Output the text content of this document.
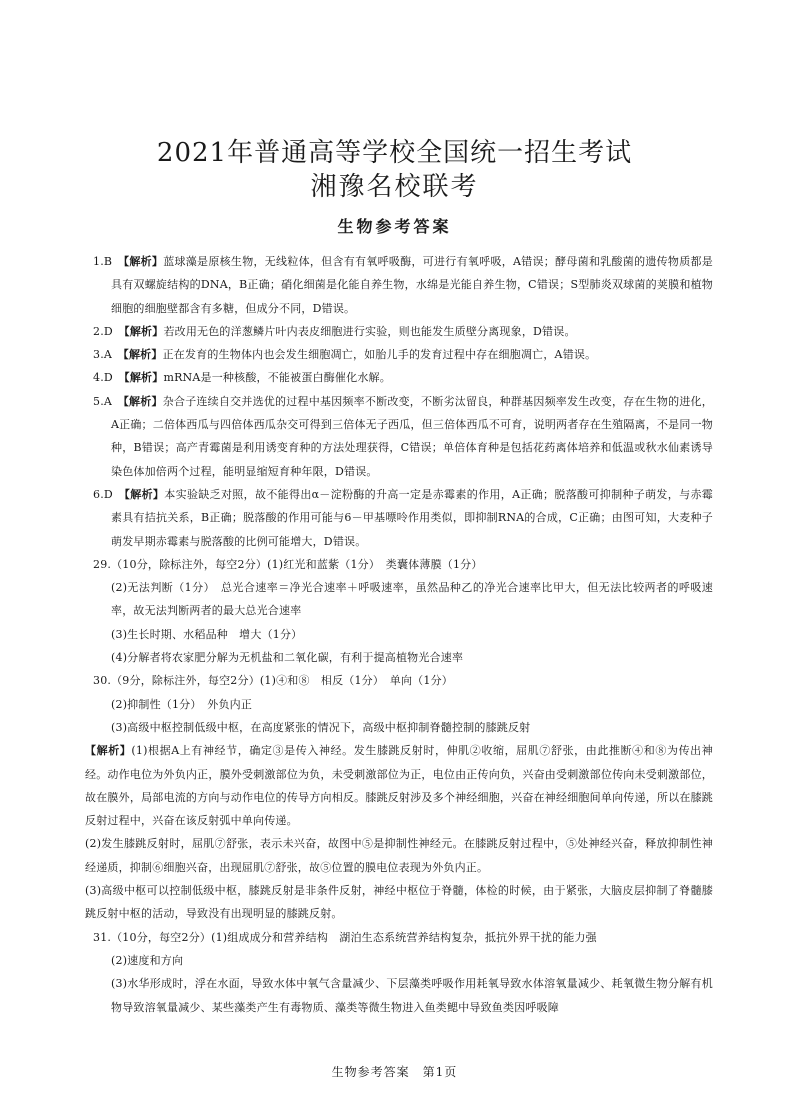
2021年普通高等学校全国统一招生考试
湘豫名校联考
生物参考答案

1.B　 【解析】蓝球藻是原核生物，无线粒体，但含有有氧呼吸酶，可进行有氧呼吸，A错误；酵母菌和乳酸菌的遗传物质都是具有双螺旋结构的DNA，B正确；硝化细菌是化能自养生物，水绵是光能自养生物，C错误；S型肺炎双球菌的荚膜和植物细胞的细胞壁都含有多糖，但成分不同，D错误。

2.D　 【解析】若改用无色的洋葱鳞片叶内表皮细胞进行实验，则也能发生质壁分离现象，D错误。

3.A　 【解析】正在发育的生物体内也会发生细胞凋亡，如胎儿手的发育过程中存在细胞凋亡，A错误。

4.D　 【解析】mRNA是一种核酸，不能被蛋白酶催化水解。

5.A　 【解析】杂合子连续自交并选优的过程中基因频率不断改变，不断劣汰留良，种群基因频率发生改变，存在生物的进化，A正确；二倍体西瓜与四倍体西瓜杂交可得到三倍体无子西瓜，但三倍体西瓜不可育，说明两者存在生殖隔离，不是同一物种，B错误；高产青霉菌是利用诱变育种的方法处理获得，C错误；单倍体育种是包括花药离体培养和低温或秋水仙素诱导染色体加倍两个过程，能明显缩短育种年限，D错误。

6.D　 【解析】本实验缺乏对照，故不能得出α－淀粉酶的升高一定是赤霉素的作用，A正确；脱落酸可抑制种子萌发，与赤霉素具有拮抗关系，B正确；脱落酸的作用可能与6－甲基嘌呤作用类似，即抑制RNA的合成，C正确；由图可知，大麦种子萌发早期赤霉素与脱落酸的比例可能增大，D错误。

29.（10分，除标注外，每空2分）(1)红光和蓝紫（1分）　类囊体薄膜（1分）

(2)无法判断（1分）　总光合速率＝净光合速率＋呼吸速率，虽然品种乙的净光合速率比甲大，但无法比较两者的呼吸速率，故无法判断两者的最大总光合速率

(3)生长时期、水稻品种　增大（1分）

(4)分解者将农家肥分解为无机盐和二氧化碳，有利于提高植物光合速率

30.（9分，除标注外，每空2分）(1)④和⑧　相反（1分）　单向（1分）

(2)抑制性（1分）　外负内正

(3)高级中枢控制低级中枢，在高度紧张的情况下，高级中枢抑制脊髓控制的膝跳反射

【解析】(1)根据A上有神经节，确定③是传入神经。发生膝跳反射时，伸肌②收缩，屈肌⑦舒张，由此推断④和⑧为传出神经。动作电位为外负内正，膜外受刺激部位为负，未受刺激部位为正，电位由正传向负，兴奋由受刺激部位传向未受刺激部位，故在膜外，局部电流的方向与动作电位的传导方向相反。膝跳反射涉及多个神经细胞，兴奋在神经细胞间单向传递，所以在膝跳反射过程中，兴奋在该反射弧中单向传递。

(2)发生膝跳反射时，屈肌⑦舒张，表示未兴奋，故图中⑤是抑制性神经元。在膝跳反射过程中，⑤处神经兴奋，释放抑制性神经递质，抑制⑥细胞兴奋，出现屈肌⑦舒张，故⑤位置的膜电位表现为外负内正。

(3)高级中枢可以控制低级中枢，膝跳反射是非条件反射，神经中枢位于脊髓，体检的时候，由于紧张，大脑皮层抑制了脊髓膝跳反射中枢的活动，导致没有出现明显的膝跳反射。

31.（10分，每空2分）(1)组成成分和营养结构　湖泊生态系统营养结构复杂，抵抗外界干扰的能力强

(2)速度和方向

(3)水华形成时，浮在水面，导致水体中氧气含量减少、下层藻类呼吸作用耗氧导致水体溶氧量减少、耗氧微生物分解有机物导致溶氧量减少、某些藻类产生有毒物质、藻类等微生物进入鱼类鳃中导致鱼类因呼吸障

生物参考答案　第1页
